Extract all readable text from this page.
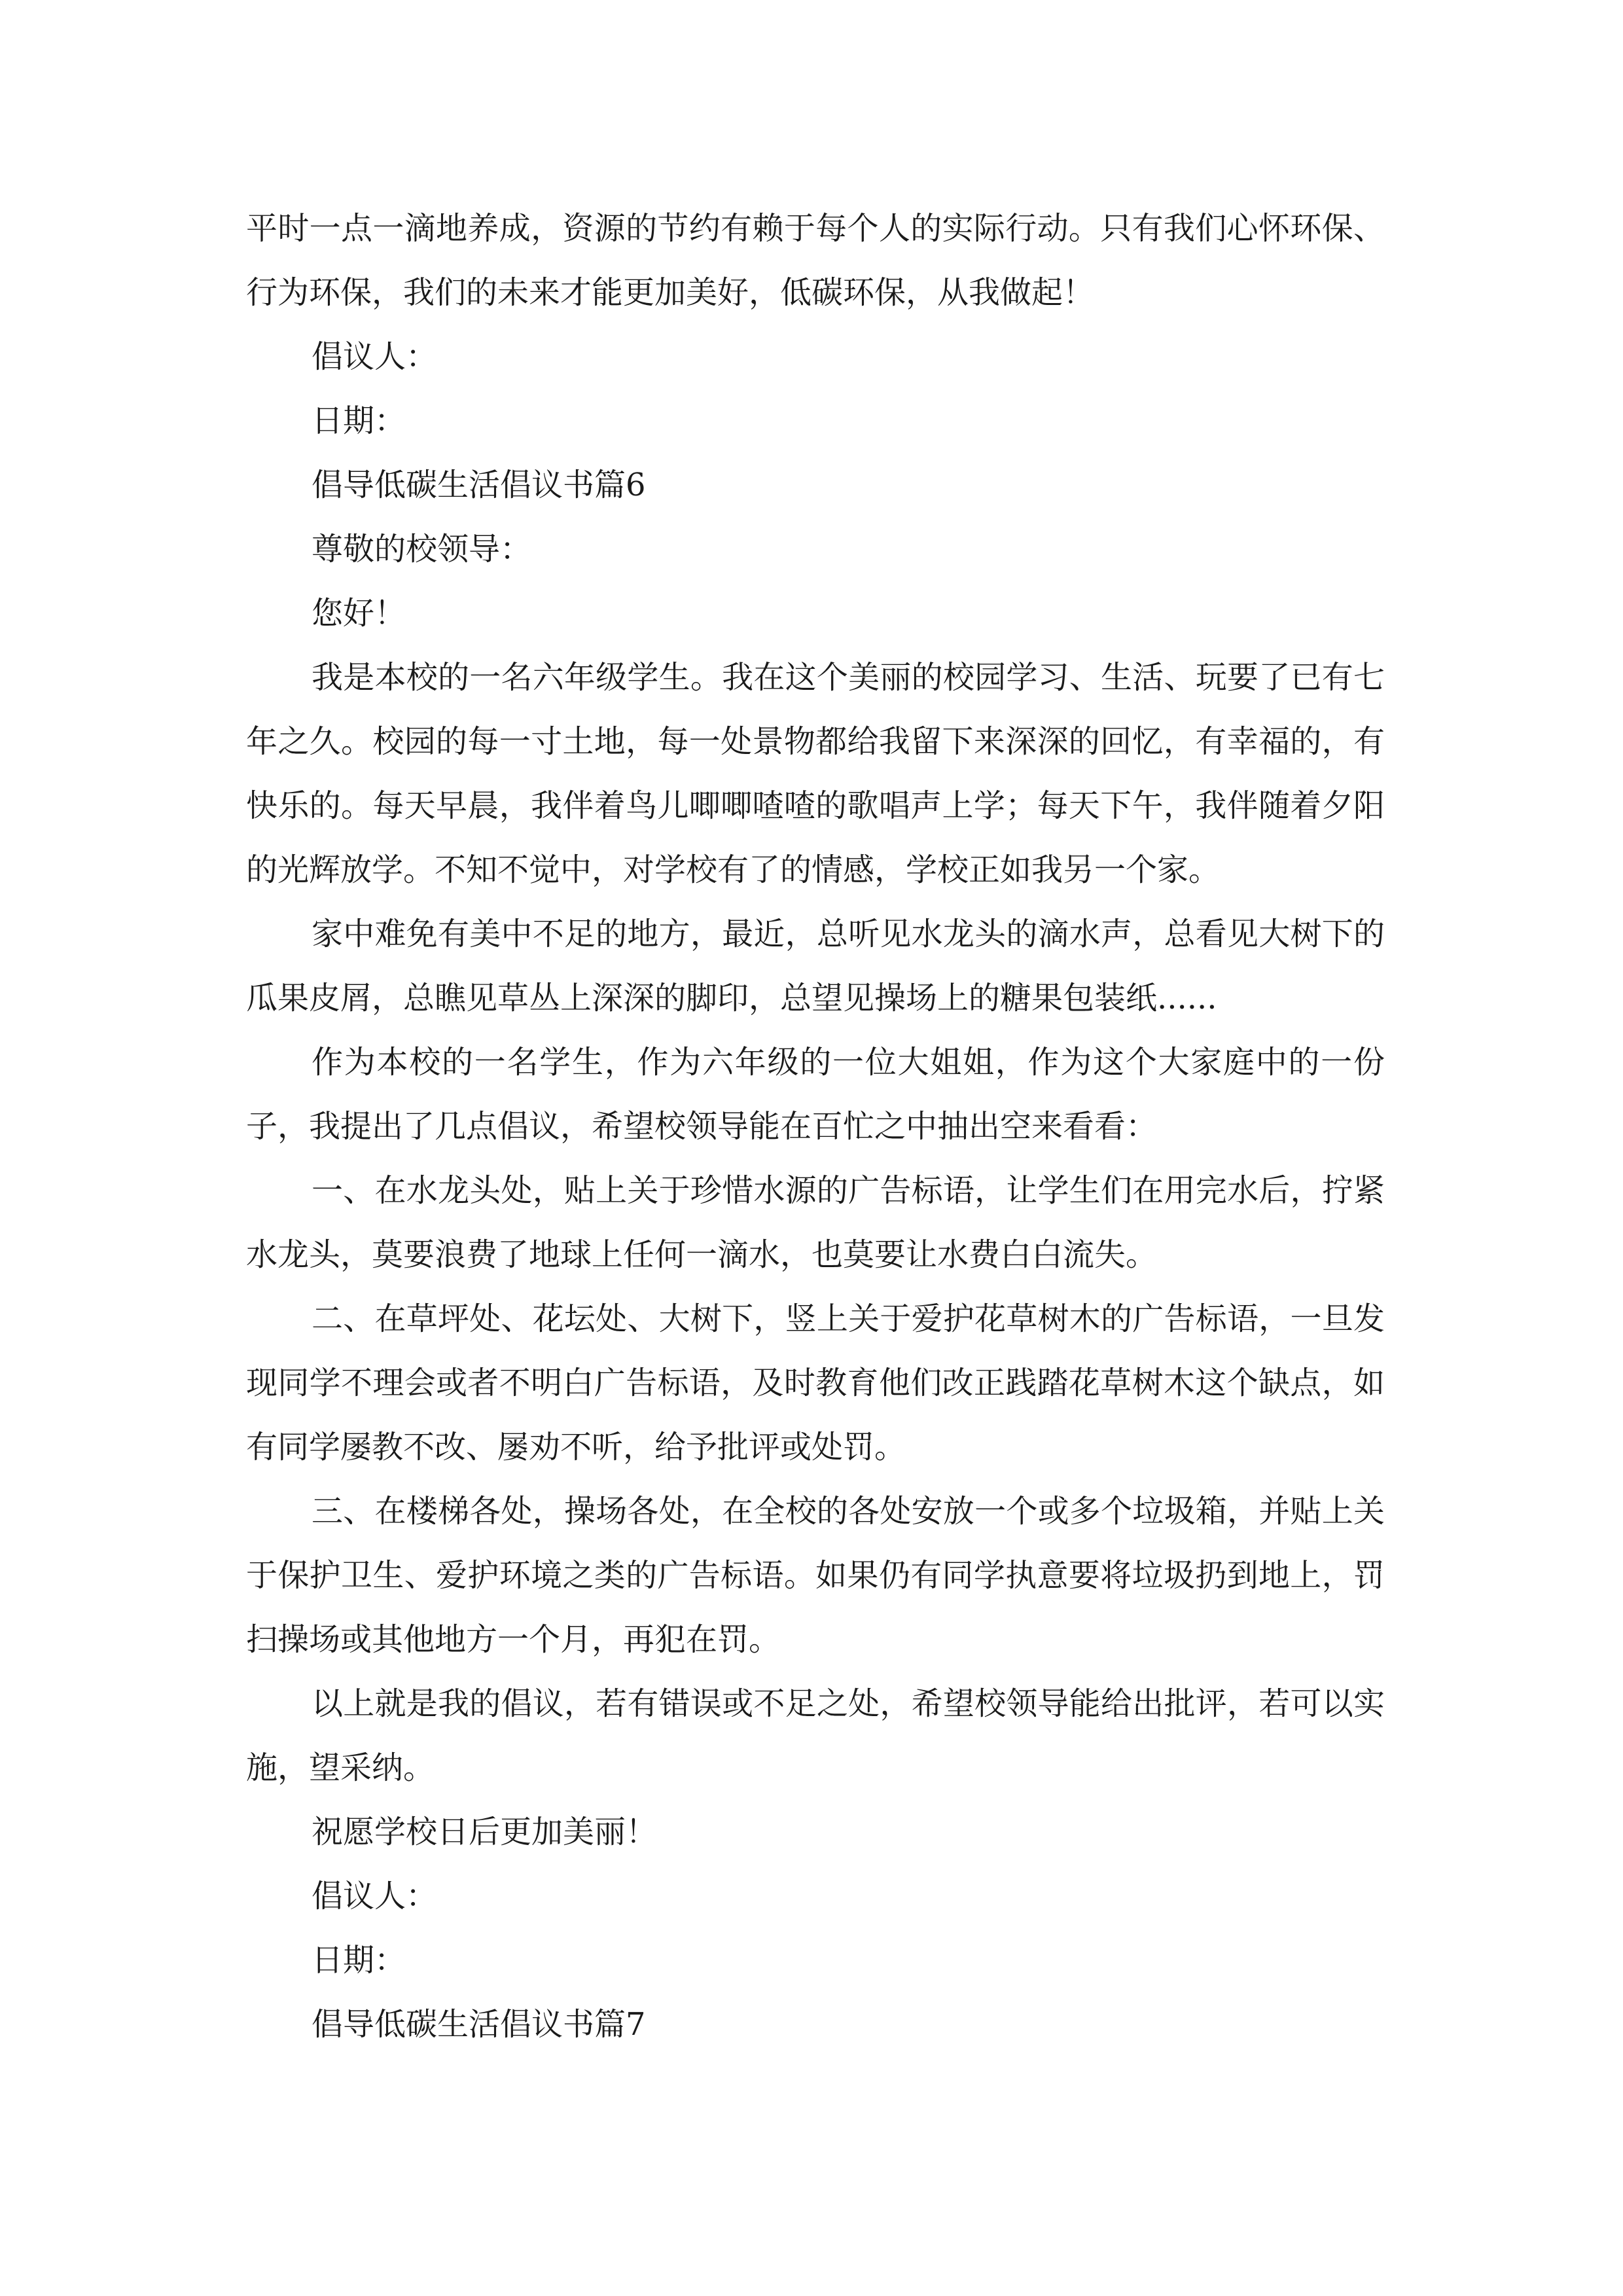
平时一点一滴地养成，资源的节约有赖于每个人的实际行动。只有我们心怀环保、行为环保，我们的未来才能更加美好，低碳环保，从我做起！

倡议人：

日期：

倡导低碳生活倡议书篇6

尊敬的校领导：

您好！

我是本校的一名六年级学生。我在这个美丽的校园学习、生活、玩要了已有七年之久。校园的每一寸土地，每一处景物都给我留下来深深的回忆，有幸福的，有快乐的。每天早晨，我伴着鸟儿唧唧喳喳的歌唱声上学；每天下午，我伴随着夕阳的光辉放学。不知不觉中，对学校有了的情感，学校正如我另一个家。

家中难免有美中不足的地方，最近，总听见水龙头的滴水声，总看见大树下的瓜果皮屑，总瞧见草丛上深深的脚印，总望见操场上的糖果包装纸......

作为本校的一名学生，作为六年级的一位大姐姐，作为这个大家庭中的一份子，我提出了几点倡议，希望校领导能在百忙之中抽出空来看看：

一、在水龙头处，贴上关于珍惜水源的广告标语，让学生们在用完水后，拧紧水龙头，莫要浪费了地球上任何一滴水，也莫要让水费白白流失。

二、在草坪处、花坛处、大树下，竖上关于爱护花草树木的广告标语，一旦发现同学不理会或者不明白广告标语，及时教育他们改正践踏花草树木这个缺点，如有同学屡教不改、屡劝不听，给予批评或处罚。

三、在楼梯各处，操场各处，在全校的各处安放一个或多个垃圾箱，并贴上关于保护卫生、爱护环境之类的广告标语。如果仍有同学执意要将垃圾扔到地上，罚扫操场或其他地方一个月，再犯在罚。

以上就是我的倡议，若有错误或不足之处，希望校领导能给出批评，若可以实施，望采纳。

祝愿学校日后更加美丽！

倡议人：

日期：

倡导低碳生活倡议书篇7
